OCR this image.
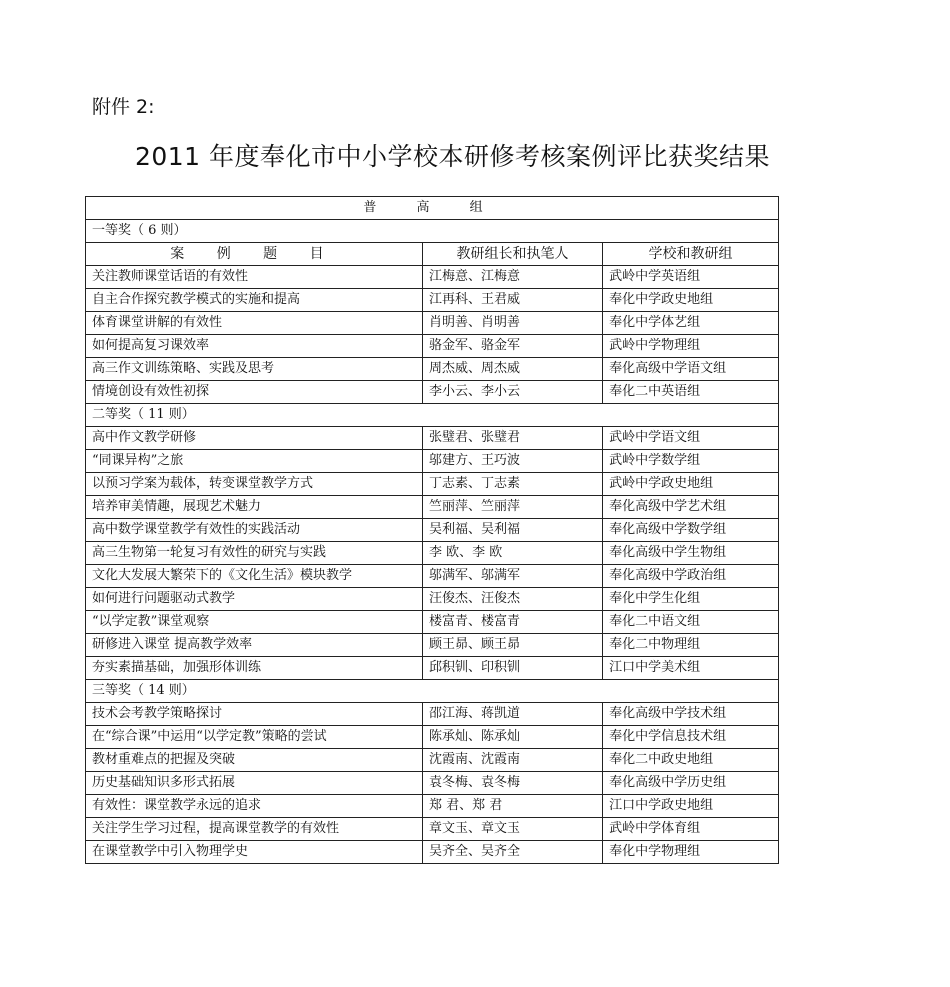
附件 2:
2011 年度奉化市中小学校本研修考核案例评比获奖结果
普 高 组		
一等奖（ 6 则）		
案 例 题 目	教研组长和执笔人	学校和教研组
关注教师课堂话语的有效性	江梅意、江梅意	武岭中学英语组
自主合作探究教学模式的实施和提高	江再科、王君威	奉化中学政史地组
体育课堂讲解的有效性	肖明善、肖明善	奉化中学体艺组
如何提高复习课效率	骆金军、骆金军	武岭中学物理组
高三作文训练策略、实践及思考	周杰威、周杰威	奉化高级中学语文组
情境创设有效性初探	李小云、李小云	奉化二中英语组
二等奖（ 11 则）		
高中作文教学研修	张璧君、张璧君	武岭中学语文组
“同课异构”之旅	邬建方、王巧波	武岭中学数学组
以预习学案为载体，转变课堂教学方式	丁志素、丁志素	武岭中学政史地组
培养审美情趣，展现艺术魅力	竺丽萍、竺丽萍	奉化高级中学艺术组
高中数学课堂教学有效性的实践活动	吴利福、吴利福	奉化高级中学数学组
高三生物第一轮复习有效性的研究与实践	李 欧、李 欧	奉化高级中学生物组
文化大发展大繁荣下的《文化生活》模块教学	邬满军、邬满军	奉化高级中学政治组
如何进行问题驱动式教学	汪俊杰、汪俊杰	奉化中学生化组
“以学定教”课堂观察	楼富青、楼富青	奉化二中语文组
研修进入课堂 提高教学效率	顾王昴、顾王昴	奉化二中物理组
夯实素描基础，加强形体训练	邱积钏、印积钏	江口中学美术组
三等奖（ 14 则）		
技术会考教学策略探讨	邵江海、蒋凯道	奉化高级中学技术组
在“综合课”中运用“以学定教”策略的尝试	陈承灿、陈承灿	奉化中学信息技术组
教材重难点的把握及突破	沈霞南、沈霞南	奉化二中政史地组
历史基础知识多形式拓展	袁冬梅、袁冬梅	奉化高级中学历史组
有效性：课堂教学永远的追求	郑 君、郑 君	江口中学政史地组
关注学生学习过程，提高课堂教学的有效性	章文玉、章文玉	武岭中学体育组
在课堂教学中引入物理学史	吴齐全、吴齐全	奉化中学物理组
